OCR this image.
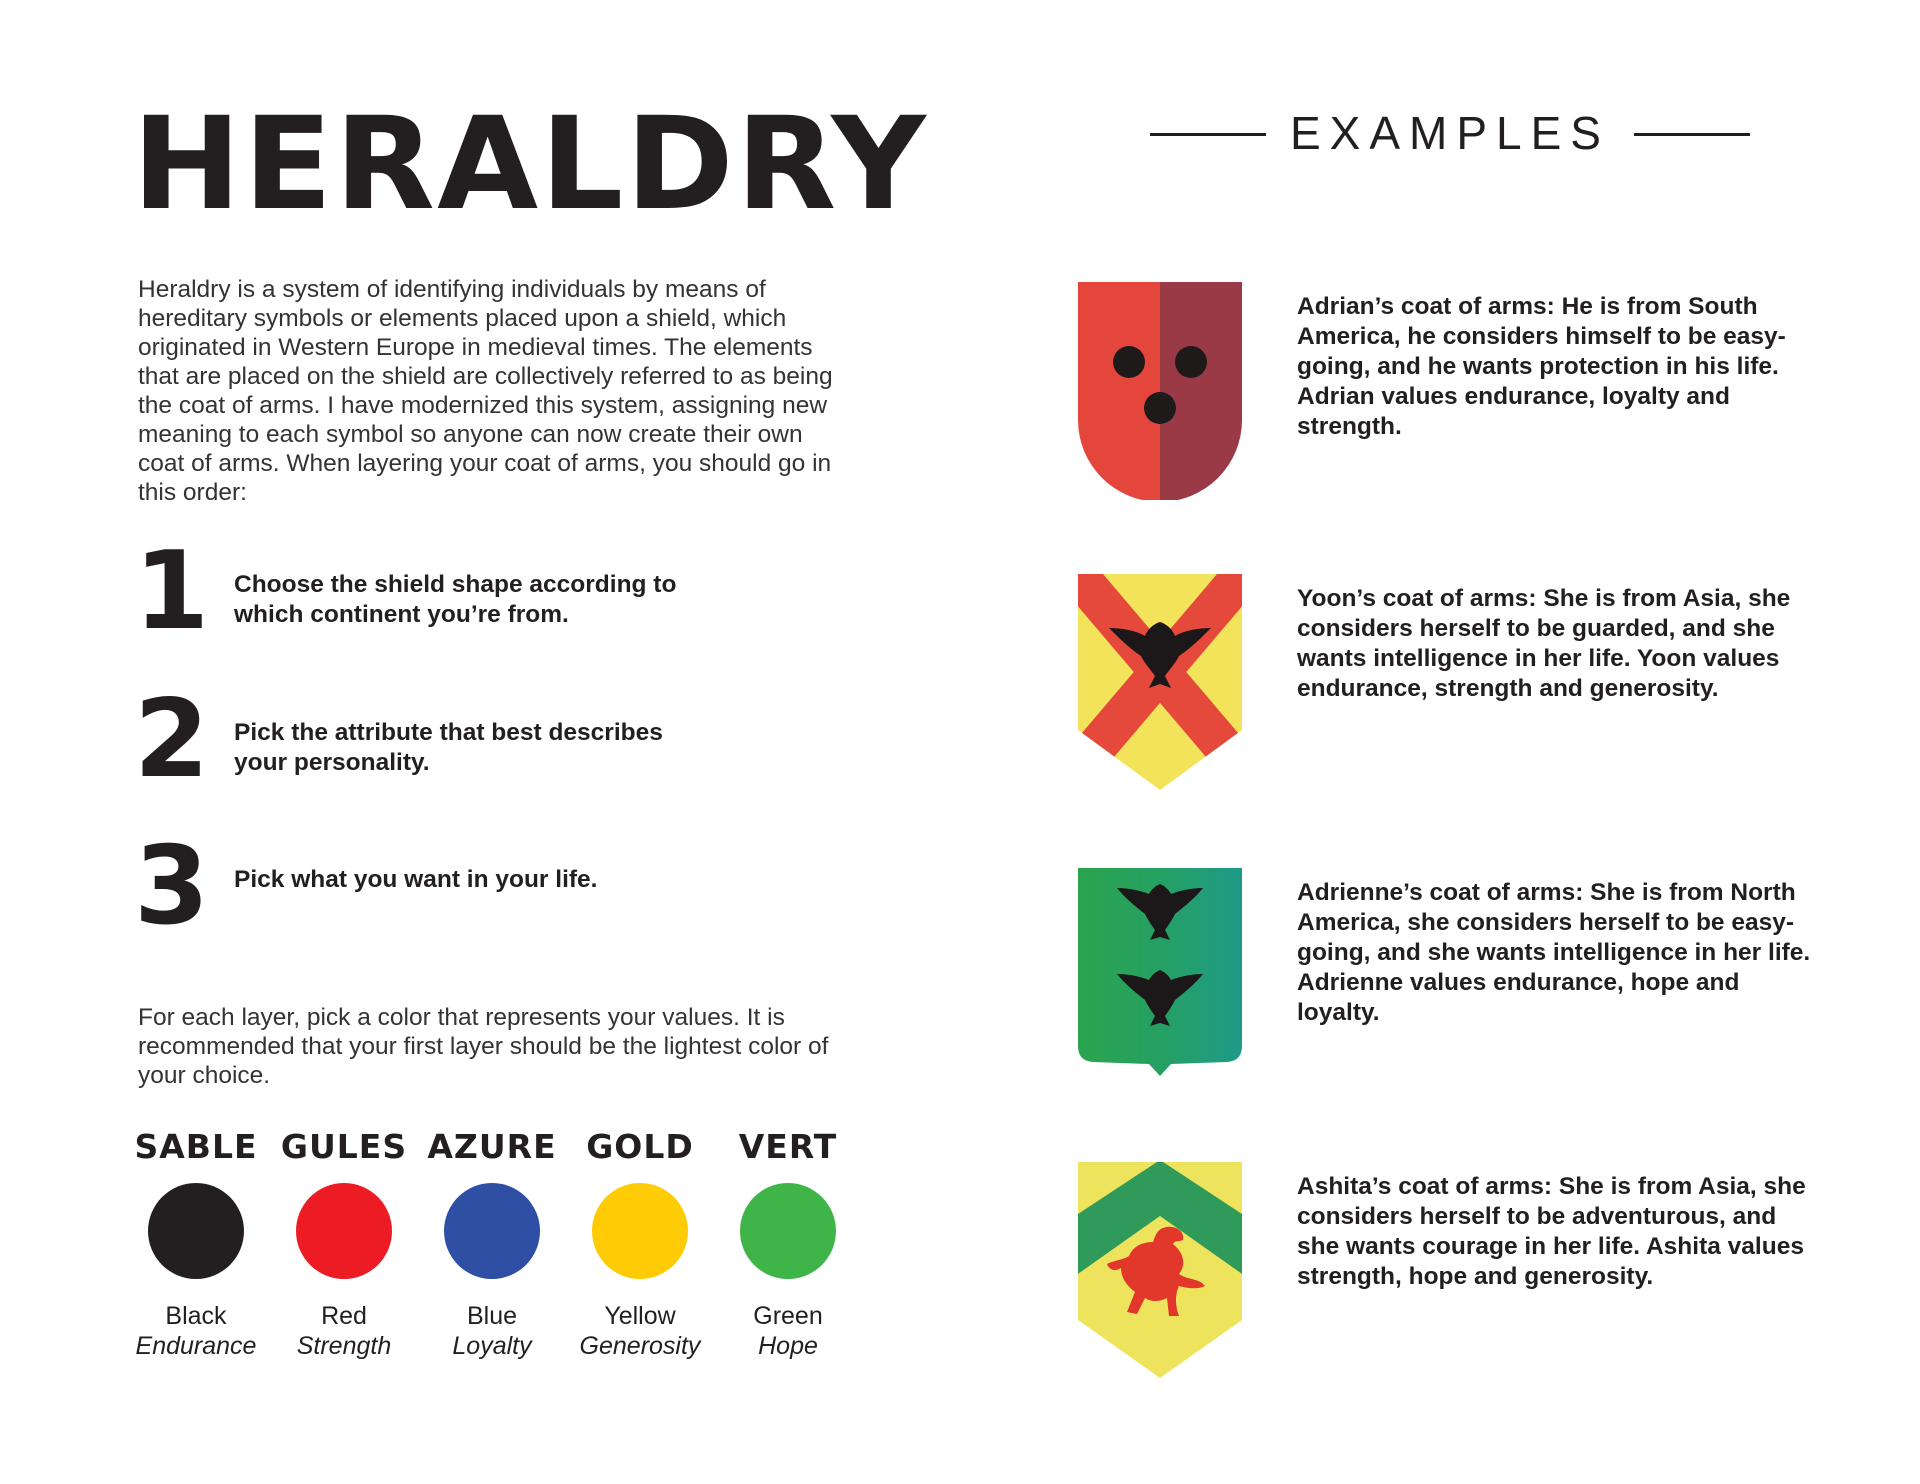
HERALDRY

Heraldry is a system of identifying individuals by means of hereditary symbols or elements placed upon a shield, which originated in Western Europe in medieval times. The elements that are placed on the shield are collectively referred to as being the coat of arms. I have modernized this system, assigning new meaning to each symbol so anyone can now create their own coat of arms. When layering your coat of arms, you should go in this order:

1 Choose the shield shape according to which continent you’re from.
2 Pick the attribute that best describes your personality.
3 Pick what you want in your life.

For each layer, pick a color that represents your values. It is recommended that your first layer should be the lightest color of your choice.

SABLE
Black
Endurance
GULES
Red
Strength
AZURE
Blue
Loyalty
GOLD
Yellow
Generosity
VERT
Green
Hope
EXAMPLES
Adrian’s coat of arms: He is from South America, he considers himself to be easy-going, and he wants protection in his life. Adrian values endurance, loyalty and strength.
Yoon’s coat of arms: She is from Asia, she considers herself to be guarded, and she wants intelligence in her life. Yoon values endurance, strength and generosity.
Adrienne’s coat of arms: She is from North America, she considers herself to be easy-going, and she wants intelligence in her life. Adrienne values endurance, hope and loyalty.
Ashita’s coat of arms: She is from Asia, she considers herself to be adventurous, and she wants courage in her life. Ashita values strength, hope and generosity.
